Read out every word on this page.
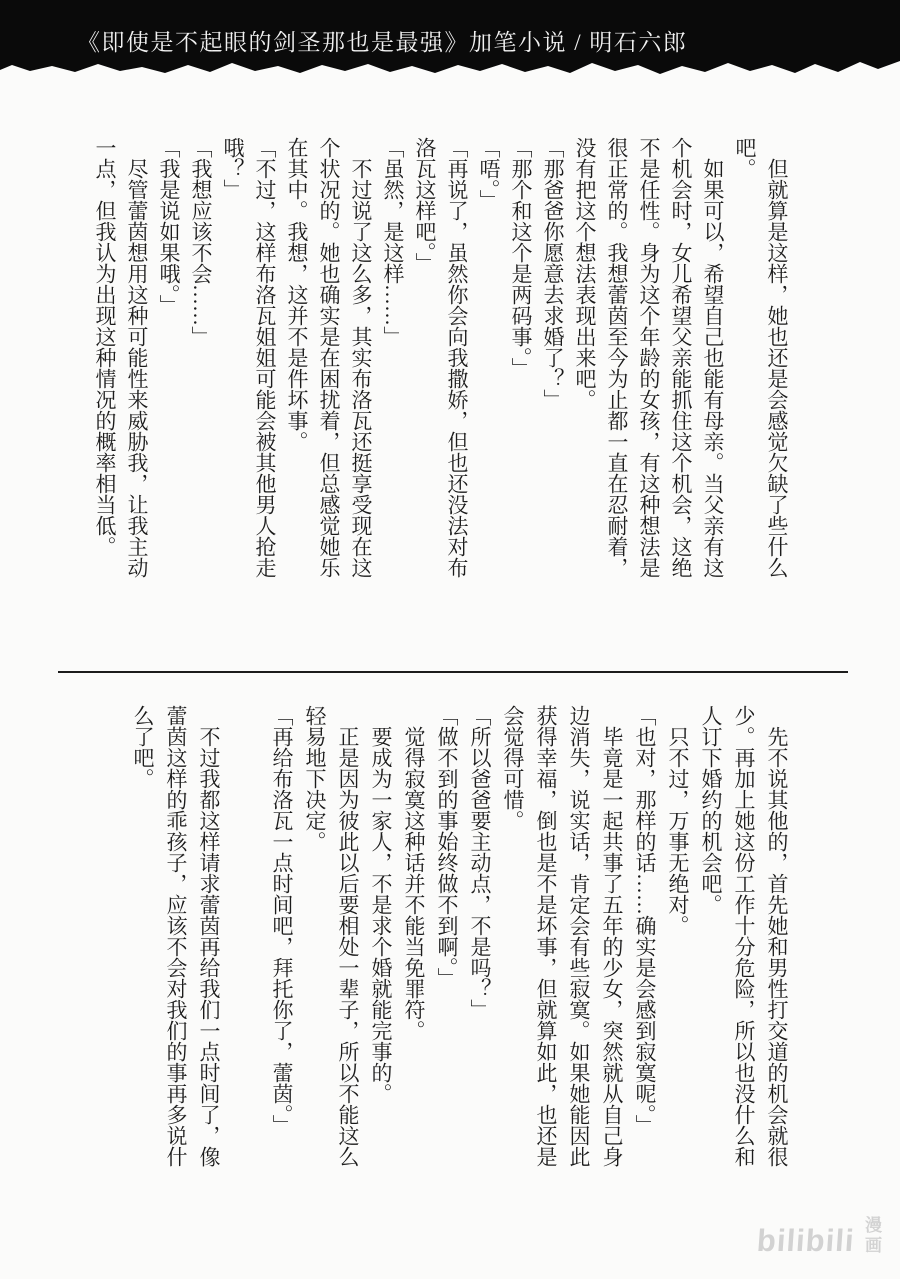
《即使是不起眼的剑圣那也是最强》加笔小说 / 明石六郎

但就算是这样，她也还是会感觉欠缺了些什么吧。

如果可以，希望自己也能有母亲。当父亲有这个机会时，女儿希望父亲能抓住这个机会，这绝不是任性。身为这个年龄的女孩，有这种想法是很正常的。我想蕾茵至今为止都一直在忍耐着，没有把这个想法表现出来吧。

「那爸爸你愿意去求婚了？」

「那个和这个是两码事。」

「唔。」

「再说了，虽然你会向我撒娇，但也还没法对布洛瓦这样吧。」

「虽然，是这样……」

不过说了这么多，其实布洛瓦还挺享受现在这个状况的。她也确实是在困扰着，但总感觉她乐在其中。我想，这并不是件坏事。

「不过，这样布洛瓦姐姐可能会被其他男人抢走哦？」

「我想应该不会……」

「我是说如果哦。」

尽管蕾茵想用这种可能性来威胁我，让我主动一点，但我认为出现这种情况的概率相当低。

先不说其他的，首先她和男性打交道的机会就很少。再加上她这份工作十分危险，所以也没什么和人订下婚约的机会吧。

只不过，万事无绝对。

「也对，那样的话……确实是会感到寂寞呢。」

毕竟是一起共事了五年的少女，突然就从自己身边消失，说实话，肯定会有些寂寞。如果她能因此获得幸福，倒也是不是坏事，但就算如此，也还是会觉得可惜。

「所以爸爸要主动点，不是吗？」

「做不到的事始终做不到啊。」

觉得寂寞这种话并不能当免罪符。

要成为一家人，不是求个婚就能完事的。

正是因为彼此以后要相处一辈子，所以不能这么轻易地下决定。

「再给布洛瓦一点时间吧，拜托你了，蕾茵。」

不过我都这样请求蕾茵再给我们一点时间了，像蕾茵这样的乖孩子，应该不会对我们的事再多说什么了吧。

bilibili 漫画
